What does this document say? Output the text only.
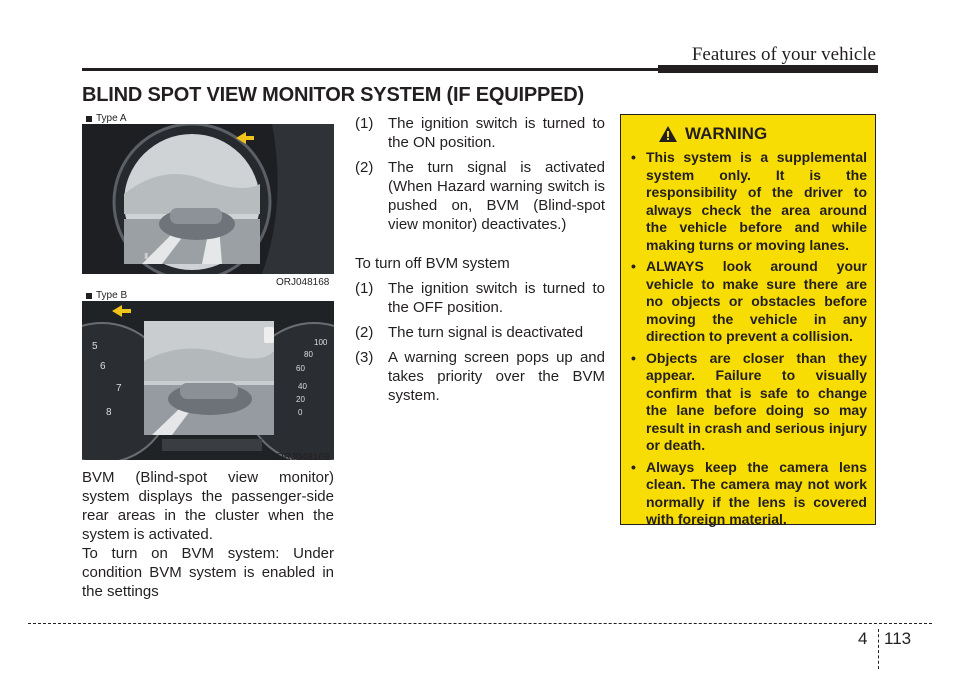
Features of your vehicle
BLIND SPOT VIEW MONITOR SYSTEM (IF EQUIPPED)
Type A
▮
ORJ048168
Type B
5
6
7
8
100
80
60
40
20
0
ORJ048169
BVM (Blind-spot view monitor) system displays the passenger-side rear areas in the cluster when the system is activated.
To turn on BVM system: Under condition BVM system is enabled in the settings
(1) The ignition switch is turned to the ON position.
(2) The turn signal is activated (When Hazard warning switch is pushed on, BVM (Blind-spot view monitor) deactivates.)

To turn off BVM system

(1) The ignition switch is turned to the OFF position.
(2) The turn signal is deactivated
(3) A warning screen pops up and takes priority over the BVM system.
WARNING
• This system is a supplemental system only. It is the responsibility of the driver to always check the area around the vehicle before and while making turns or moving lanes.
• ALWAYS look around your vehicle to make sure there are no objects or obstacles before moving the vehicle in any direction to prevent a collision.
• Objects are closer than they appear. Failure to visually confirm that is safe to change the lane before doing so may result in crash and serious injury or death.
• Always keep the camera lens clean. The camera may not work normally if the lens is covered with foreign material.
4 113
